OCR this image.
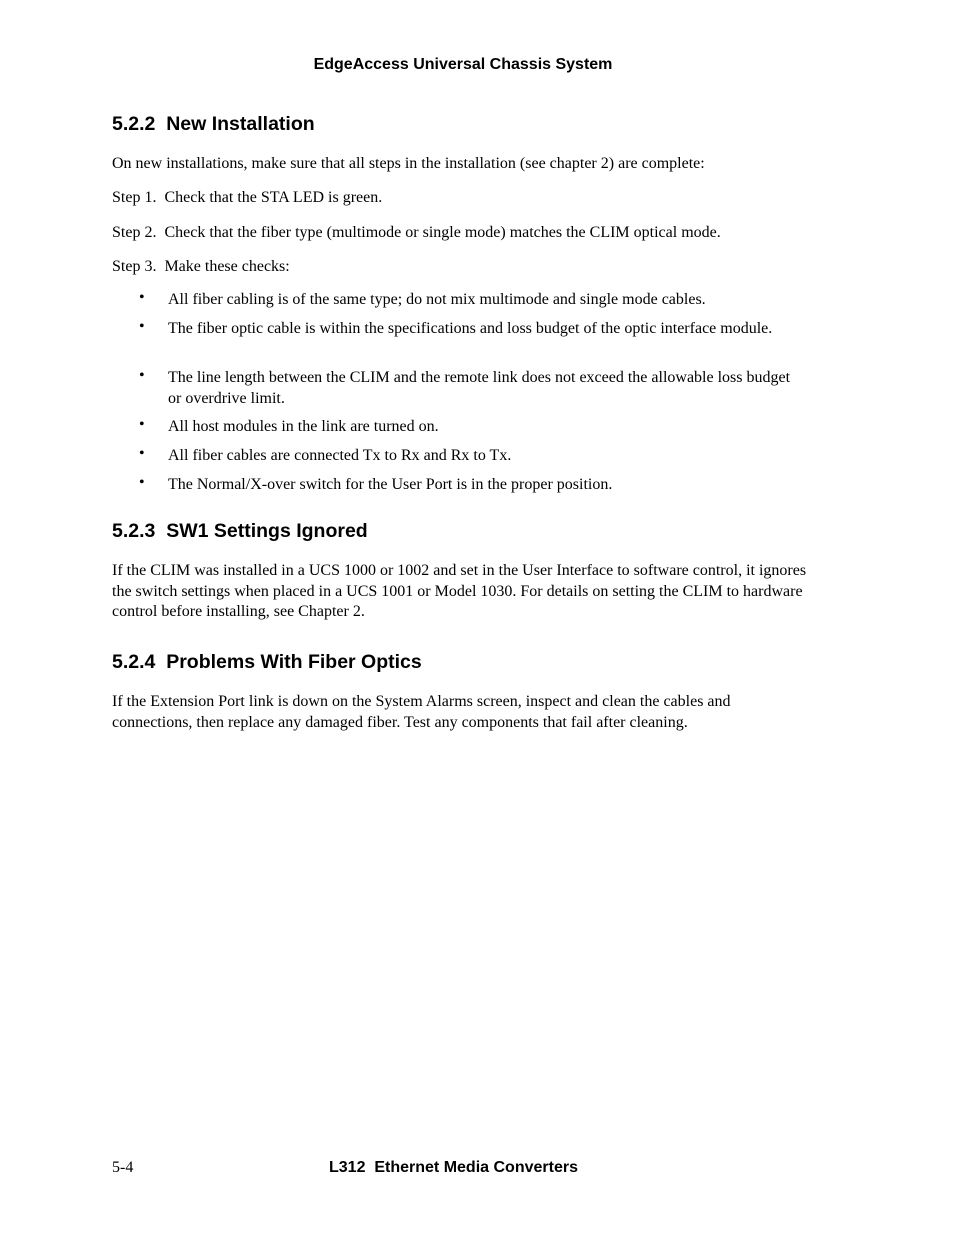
EdgeAccess Universal Chassis System
5.2.2  New Installation
On new installations, make sure that all steps in the installation (see chapter 2) are complete:
Step 1.  Check that the STA LED is green.
Step 2.  Check that the fiber type (multimode or single mode) matches the CLIM optical mode.
Step 3.  Make these checks:
• All fiber cabling is of the same type; do not mix multimode and single mode cables.
• The fiber optic cable is within the specifications and loss budget of the optic interface module.
• The line length between the CLIM and the remote link does not exceed the allowable loss budget or overdrive limit.
• All host modules in the link are turned on.
• All fiber cables are connected Tx to Rx and Rx to Tx.
• The Normal/X-over switch for the User Port is in the proper position.
5.2.3  SW1 Settings Ignored
If the CLIM was installed in a UCS 1000 or 1002 and set in the User Interface to software control, it ignores the switch settings when placed in a UCS 1001 or Model 1030. For details on setting the CLIM to hardware control before installing, see Chapter 2.
5.2.4  Problems With Fiber Optics
If the Extension Port link is down on the System Alarms screen, inspect and clean the cables and connections, then replace any damaged fiber. Test any components that fail after cleaning.
5-4	L312  Ethernet Media Converters
